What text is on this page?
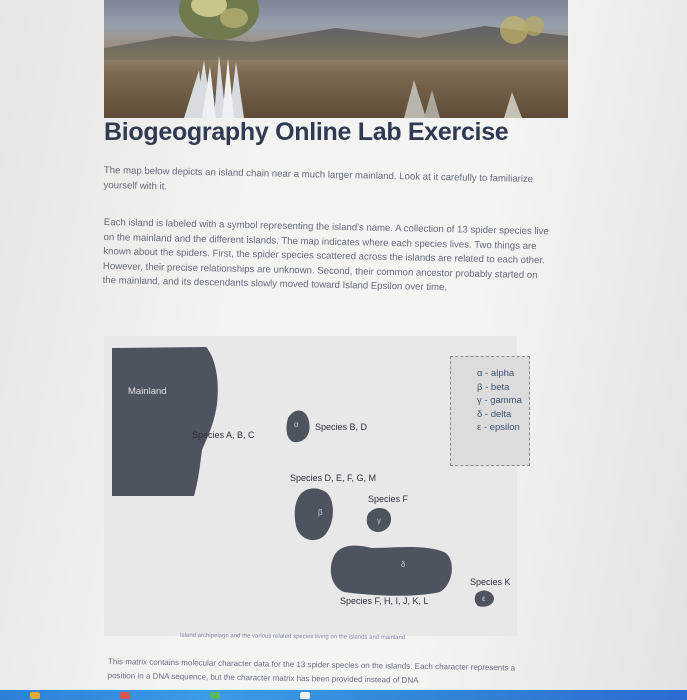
Biogeography Online Lab Exercise
The map below depicts an island chain near a much larger mainland. Look at it carefully to familiarize yourself with it.
Each island is labeled with a symbol representing the island's name. A collection of 13 spider species live on the mainland and the different islands. The map indicates where each species lives. Two things are known about the spiders. First, the spider species scattered across the islands are related to each other. However, their precise relationships are unknown. Second, their common ancestor probably started on the mainland, and its descendants slowly moved toward Island Epsilon over time.
Mainland
Species A, B, C
α Species B, D
Species D, E, F, G, M
β
Species F
γ
δ
Species F, H, I, J, K, L
Species K
ε
α - alpha
β - beta
γ - gamma
δ - delta
ε - epsilon
Island archipelago and the various related species living on the islands and mainland
This matrix contains molecular character data for the 13 spider species on the islands. Each character represents a position in a DNA sequence, but the character matrix has been provided instead of DNA
